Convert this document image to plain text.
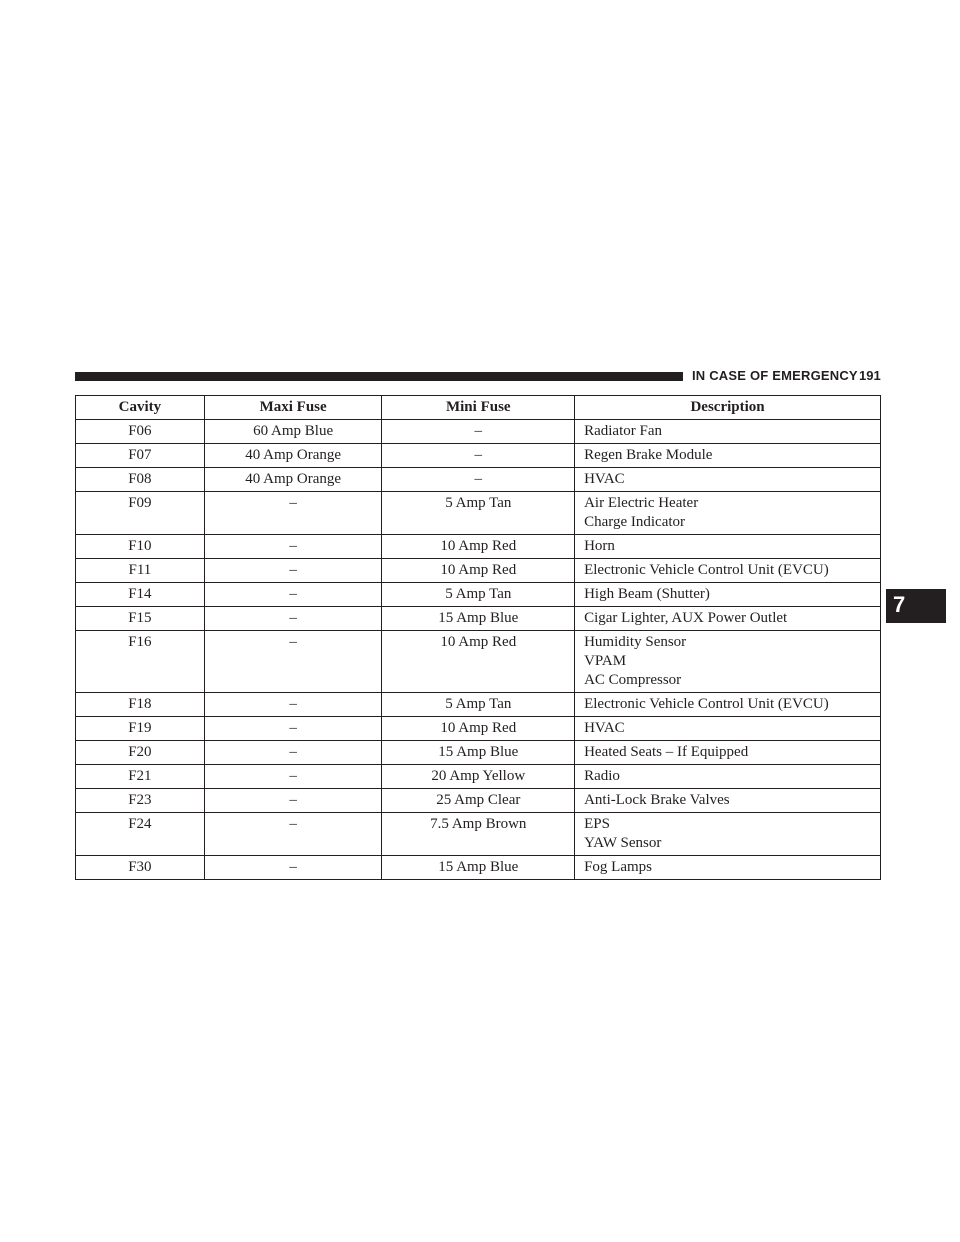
IN CASE OF EMERGENCY 191
7
Cavity	Maxi Fuse	Mini Fuse	Description
F06	60 Amp Blue	–	Radiator Fan

F07	40 Amp Orange	–	Regen Brake Module

F08	40 Amp Orange	–	HVAC

F09	–	5 Amp Tan	Air Electric Heater
Charge Indicator

F10	–	10 Amp Red	Horn

F11	–	10 Amp Red	Electronic Vehicle Control Unit (EVCU)

F14	–	5 Amp Tan	High Beam (Shutter)

F15	–	15 Amp Blue	Cigar Lighter, AUX Power Outlet

F16	–	10 Amp Red	Humidity Sensor
VPAM
AC Compressor

F18	–	5 Amp Tan	Electronic Vehicle Control Unit (EVCU)

F19	–	10 Amp Red	HVAC

F20	–	15 Amp Blue	Heated Seats – If Equipped

F21	–	20 Amp Yellow	Radio

F23	–	25 Amp Clear	Anti-Lock Brake Valves

F24	–	7.5 Amp Brown	EPS
YAW Sensor

F30	–	15 Amp Blue	Fog Lamps
